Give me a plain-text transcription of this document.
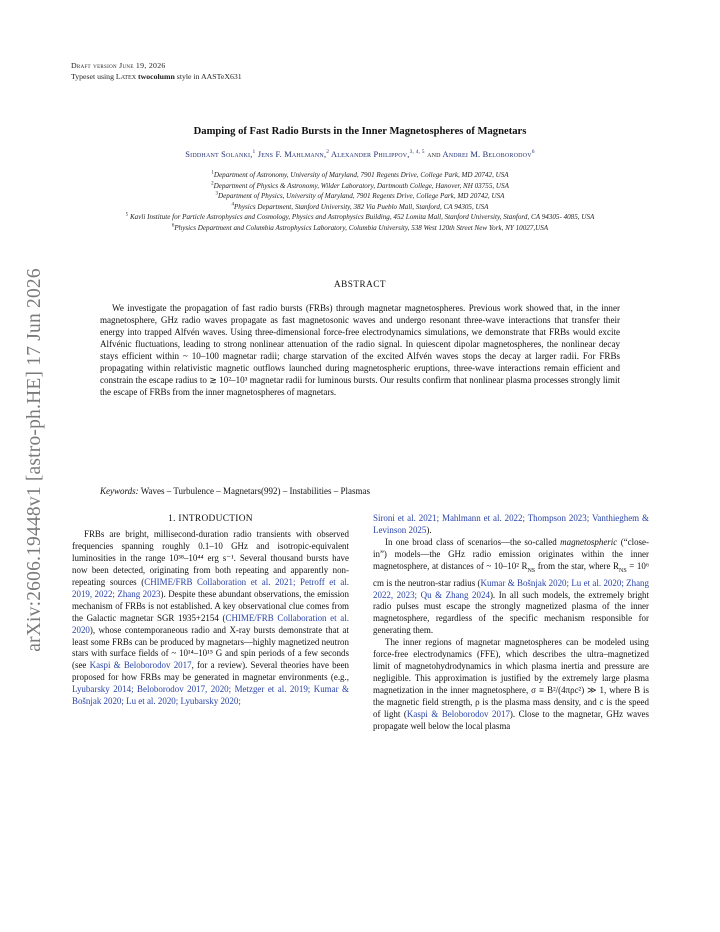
arXiv:2606.19448v1 [astro-ph.HE] 17 Jun 2026
Draft version June 19, 2026
Typeset using LATEX twocolumn style in AASTeX631
Damping of Fast Radio Bursts in the Inner Magnetospheres of Magnetars
Siddhant Solanki,$^1$ Jens F. Mahlmann,$^2$ Alexander Philippov,$^{3, 4, 5}$ and Andrei M. Beloborodov$^6$
$^1$Department of Astronomy, University of Maryland, 7901 Regents Drive, College Park, MD 20742, USA
$^2$Department of Physics & Astronomy, Wilder Laboratory, Dartmouth College, Hanover, NH 03755, USA
$^3$Department of Physics, University of Maryland, 7901 Regents Drive, College Park, MD 20742, USA
$^4$Physics Department, Stanford University, 382 Via Pueblo Mall, Stanford, CA 94305, USA
$^5$ Kavli Institute for Particle Astrophysics and Cosmology, Physics and Astrophysics Building, 452 Lomita Mall, Stanford University, Stanford, CA 94305- 4085, USA
$^6$Physics Department and Columbia Astrophysics Laboratory, Columbia University, 538 West 120th Street New York, NY 10027,USA
ABSTRACT

We investigate the propagation of fast radio bursts (FRBs) through magnetar magnetospheres. Previous work showed that, in the inner magnetosphere, GHz radio waves propagate as fast magnetosonic waves and undergo resonant three-wave interactions that transfer their energy into trapped Alfvén waves. Using three-dimensional force-free electrodynamics simulations, we demonstrate that FRBs would excite Alfvénic fluctuations, leading to strong nonlinear attenuation of the radio signal. In quiescent dipolar magnetospheres, the nonlinear decay stays efficient within ~ 10–100 magnetar radii; charge starvation of the excited Alfvén waves stops the decay at larger radii. For FRBs propagating within relativistic magnetic outflows launched during magnetospheric eruptions, three-wave interactions remain efficient and constrain the escape radius to ≳ 10²–10³ magnetar radii for luminous bursts. Our results confirm that nonlinear plasma processes strongly limit the escape of FRBs from the inner magnetospheres of magnetars.

Keywords: Waves – Turbulence – Magnetars(992) – Instabilities – Plasmas
1. INTRODUCTION

FRBs are bright, millisecond-duration radio transients with observed frequencies spanning roughly 0.1–10 GHz and isotropic-equivalent luminosities in the range 10³⁸–10⁴⁴ erg s⁻¹. Several thousand bursts have now been detected, originating from both repeating and apparently non-repeating sources (CHIME/FRB Collaboration et al. 2021; Petroff et al. 2019, 2022; Zhang 2023). Despite these abundant observations, the emission mechanism of FRBs is not established. A key observational clue comes from the Galactic magnetar SGR 1935+2154 (CHIME/FRB Collaboration et al. 2020), whose contemporaneous radio and X-ray bursts demonstrate that at least some FRBs can be produced by magnetars—highly magnetized neutron stars with surface fields of ~ 10¹⁴–10¹⁵ G and spin periods of a few seconds (see Kaspi & Beloborodov 2017, for a review). Several theories have been proposed for how FRBs may be generated in magnetar environments (e.g., Lyubarsky 2014; Beloborodov 2017, 2020; Metzger et al. 2019; Kumar & Bošnjak 2020; Lu et al. 2020; Lyubarsky 2020;

Sironi et al. 2021; Mahlmann et al. 2022; Thompson 2023; Vanthieghem & Levinson 2025).

In one broad class of scenarios—the so-called magnetospheric (“close-in”) models—the GHz radio emission originates within the inner magnetosphere, at distances of ~ 10–10² $R_{NS}$ from the star, where $R_{NS} = 10^6$ cm is the neutron-star radius (Kumar & Bošnjak 2020; Lu et al. 2020; Zhang 2022, 2023; Qu & Zhang 2024). In all such models, the extremely bright radio pulses must escape the strongly magnetized plasma of the inner magnetosphere, regardless of the specific mechanism responsible for generating them.

The inner regions of magnetar magnetospheres can be modeled using force-free electrodynamics (FFE), which describes the ultra–magnetized limit of magnetohydrodynamics in which plasma inertia and pressure are negligible. This approximation is justified by the extremely large plasma magnetization in the inner magnetosphere, σ ≡ B²/(4πρc²) ≫ 1, where B is the magnetic field strength, ρ is the plasma mass density, and c is the speed of light (Kaspi & Beloborodov 2017). Close to the magnetar, GHz waves propagate well below the local plasma
